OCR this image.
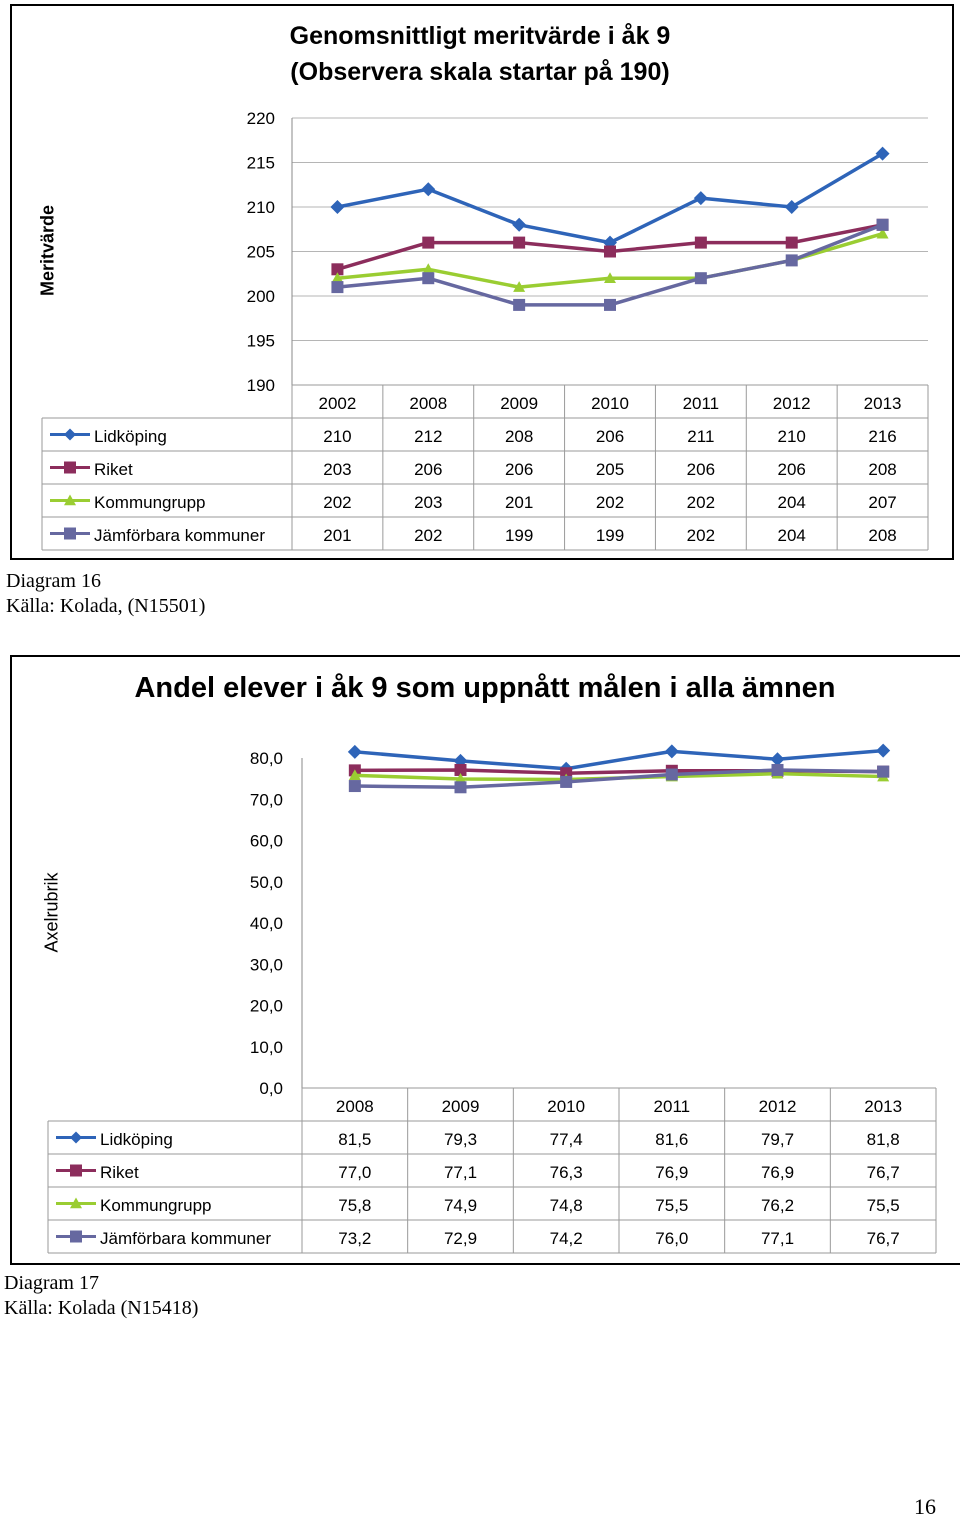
Genomsnittligt meritvärde i åk 9
(Observera skala startar på 190)
Meritvärde
Andel elever i åk 9 som uppnått målen i alla ämnen
Axelrubrik
190
195
200
205
210
215
220
2002	2008	2009	2010	2011	2012	2013
Lidköping	210	212	208	206	211	210	216
Riket	203	206	206	205	206	206	208
Kommungrupp	202	203	201	202	202	204	207
Jämförbara kommuner	201	202	199	199	202	204	208
0,0
10,0
20,0
30,0
40,0
50,0
60,0
70,0
80,0
2008	2009	2010	2011	2012	2013
Lidköping	81,5	79,3	77,4	81,6	79,7	81,8
Riket	77,0	77,1	76,3	76,9	76,9	76,7
Kommungrupp	75,8	74,9	74,8	75,5	76,2	75,5
Jämförbara kommuner	73,2	72,9	74,2	76,0	77,1	76,7
Diagram 16
Källa: Kolada, (N15501)
Diagram 17
Källa: Kolada (N15418)
16
